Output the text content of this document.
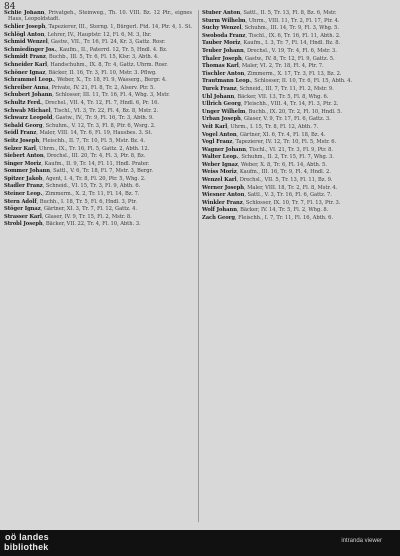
84

Schlie Johann, Privatgeh., Steinweg., Th. 10. VIII. Bz. 12 Ptr., eignes Haus, Leopoldstadt.

Schlier Joseph, Tapezierer, III., Sterng. 1, Bürgerl. Ftd. 14, Ptr. 4, 1. St.

Schlögl Anton, Lehrer, IV., Hauptstr. 12, Fl. 6, M. 3, Ihr.

Schmid Wenzel, Gastw., VII., Tr. 16, Fl. 24, Kr. 3, Gattz. Rosr.

Schmiedinger Jos., Kaufm., II., Paterrd. 12, Tr. 5, Hndl. 4. Bz.

Schmidt Franz, Buchb., III. 5, Tr. 6, Fl. 15, Klsr. 3, Abth. 4.

Schneider Karl, Handschuhm., IX. 8, Tr. 4, Gattz. Uhrm. Rosr.

Schöner Ignaz, Bäcker, II. 16, Tr. 3, Fl. 10, Mstr. 3. Pflwg.

Schrammel Leop., Weber, X., Tr. 18, Fl. 9, Wasserg., Bergr. 4.

Schreiber Anna, Private, IV. 21, Fl. 8, Tr. 2, Alserv. Ptr. 5.

Schubert Johann, Schlosser, III. 11, Tr. 16, Fl. 4, Whg. 3, Mstr.

Schultz Ferd., Drechsl., VII. 4, Tr. 12, Fl. 7, Hndl. 6, Pr. 16.

Schwab Michael, Tischl., VI. 3, Tr. 22, Fl. 4, Bz. 8, Mstr. 2.

Schwarz Leopold, Gastw., IV., Tr. 9, Fl. 16, Tr. 3, Abth. 9.

Sebald Georg, Schuhm., V. 12, Tr. 3, Fl. 8, Ptr. 6, Wsrg. 2.

Seidl Franz, Maler, VIII. 14, Tr. 6, Fl. 19, Hausbes. 3. St.

Seitz Joseph, Fleischh., II. 7, Tr. 10, Fl. 5, Mstr. Bz. 4.

Selzer Karl, Uhrm., IX., Tr. 16, Fl. 5, Gattz. 2, Abth. 12.

Siebert Anton, Drechsl., III. 20, Tr. 4, Fl. 3, Ptr. 8, Bz.

Singer Moriz, Kaufm., II. 9, Tr. 14, Fl. 11, Hndl. Prater.

Sommer Johann, Sattl., V. 6, Tr. 18, Fl. 7, Mstr. 3, Bergr.

Spitzer Jakob, Agent, I. 4, Tr. 8, Fl. 20, Ptr. 5, Whg. 2.

Stadler Franz, Schneid., VI. 15, Tr. 3, Fl. 9, Abth. 6.

Steiner Leop., Zimmerm., X. 2, Tr. 11, Fl. 14, Bz. 7.

Stern Adolf, Buchh., I. 18, Tr. 5, Fl. 6, Hndl. 3, Ptr.

Stöger Ignaz, Gärtner, XI. 3, Tr. 7, Fl. 12, Gattz. 4.

Strasser Karl, Glaser, IV. 9, Tr. 15, Fl. 2, Mstr. 8.

Strobl Joseph, Bäcker, VII. 22, Tr. 4, Fl. 10, Abth. 3.

Stuber Anton, Sattl., II. 5, Tr. 13, Fl. 8, Bz. 6, Mstr.

Sturm Wilhelm, Uhrm., VIII. 11, Tr. 2, Fl. 17, Ptr. 4.

Suchy Wenzel, Schuhm., III. 14, Tr. 9, Fl. 3, Whg. 5.

Swoboda Franz, Tischl., IX. 6, Tr. 16, Fl. 11, Abth. 2.

Tauber Moriz, Kaufm., I. 3, Tr. 7, Fl. 14, Hndl. Bz. 8.

Teuber Johann, Drechsl., V. 19, Tr. 4, Fl. 6, Mstr. 3.

Thaler Joseph, Gastw., IV. 8, Tr. 12, Fl. 9, Gattz. 5.

Thomas Karl, Maler, VI. 2, Tr. 18, Fl. 4, Ptr. 7.

Tischler Anton, Zimmerm., X. 17, Tr. 3, Fl. 13, Bz. 2.

Trautmann Leop., Schlosser, II. 10, Tr. 6, Fl. 15, Abth. 4.

Turek Franz, Schneid., III. 7, Tr. 11, Fl. 2, Mstr. 9.

Uhl Johann, Bäcker, VII. 13, Tr. 5, Fl. 8, Whg. 6.

Ullrich Georg, Fleischh., VIII. 4, Tr. 14, Fl. 3, Ptr. 2.

Unger Wilhelm, Buchb., IX. 20, Tr. 2, Fl. 10, Hndl. 5.

Urban Joseph, Glaser, V. 9, Tr. 17, Fl. 6, Gattz. 3.

Veit Karl, Uhrm., I. 15, Tr. 8, Fl. 12, Abth. 7.

Vogel Anton, Gärtner, XI. 6, Tr. 4, Fl. 18, Bz. 4.

Vogl Franz, Tapezierer, IV. 12, Tr. 10, Fl. 5, Mstr. 6.

Wagner Johann, Tischl., VI. 21, Tr. 3, Fl. 9, Ptr. 8.

Walter Leop., Schuhm., II. 2, Tr. 15, Fl. 7, Whg. 3.

Weber Ignaz, Weber, X. 8, Tr. 6, Fl. 14, Abth. 5.

Weiss Moriz, Kaufm., III. 16, Tr. 9, Fl. 4, Hndl. 2.

Wenzel Karl, Drechsl., VII. 5, Tr. 13, Fl. 11, Bz. 9.

Werner Joseph, Maler, VIII. 18, Tr. 2, Fl. 8, Mstr. 4.

Wiesner Anton, Sattl., V. 3, Tr. 16, Fl. 6, Gattz. 7.

Winkler Franz, Schlosser, IX. 10, Tr. 7, Fl. 13, Ptr. 3.

Wolf Johann, Bäcker, IV. 14, Tr. 5, Fl. 2, Whg. 8.

Zach Georg, Fleischh., I. 7, Tr. 11, Fl. 16, Abth. 6.

oö landes
bibliothek
intranda viewer
